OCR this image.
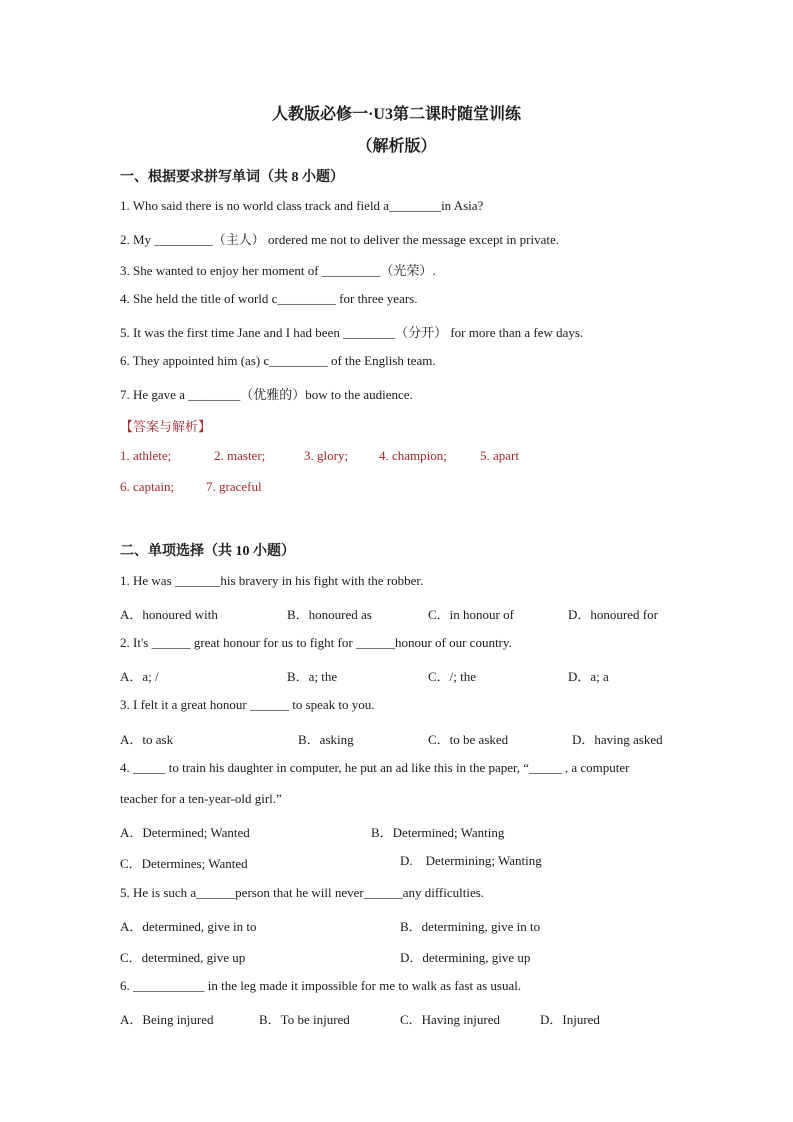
人教版必修一·U3第二课时随堂训练
（解析版）
一、根据要求拼写单词（共 8 小题）
1. Who said there is no world class track and field a________in Asia?
2. My _________（主人） ordered me not to deliver the message except in private.
3. She wanted to enjoy her moment of _________（光荣）.
4. She held the title of world c_________ for three years.
5. It was the first time Jane and I had been ________（分开） for more than a few days.
6. They appointed him (as) c_________ of the English team.
7. He gave a ________（优雅的）bow to the audience.
【答案与解析】
1. athlete;	2. master;	3. glory; 4. champion;	5. apart
6. captain; 7. graceful
二、单项选择（共 10 小题）
1. He was _______his bravery in his fight with the robber.
A．honoured with	B．honoured as	C．in honour of	D．honoured for
2. It's ______ great honour for us to fight for ______honour of our country.
A．a; /	B．a; the	C．/; the	D．a; a
3. I felt it a great honour ______ to speak to you.
A．to ask	B．asking	C．to be asked	D．having asked
4. _____ to train his daughter in computer, he put an ad like this in the paper, “_____ , a computer
teacher for a ten-year-old girl.”
A．Determined; Wanted	B．Determined; Wanting
C．Determines; Wanted	D.    Determining; Wanting
5. He is such a______person that he will never______any difficulties.
A．determined, give in to	B．determining, give in to
C．determined, give up	D．determining, give up
6. ___________ in the leg made it impossible for me to walk as fast as usual.
A．Being injured	B．To be injured	C．Having injured	D．Injured
